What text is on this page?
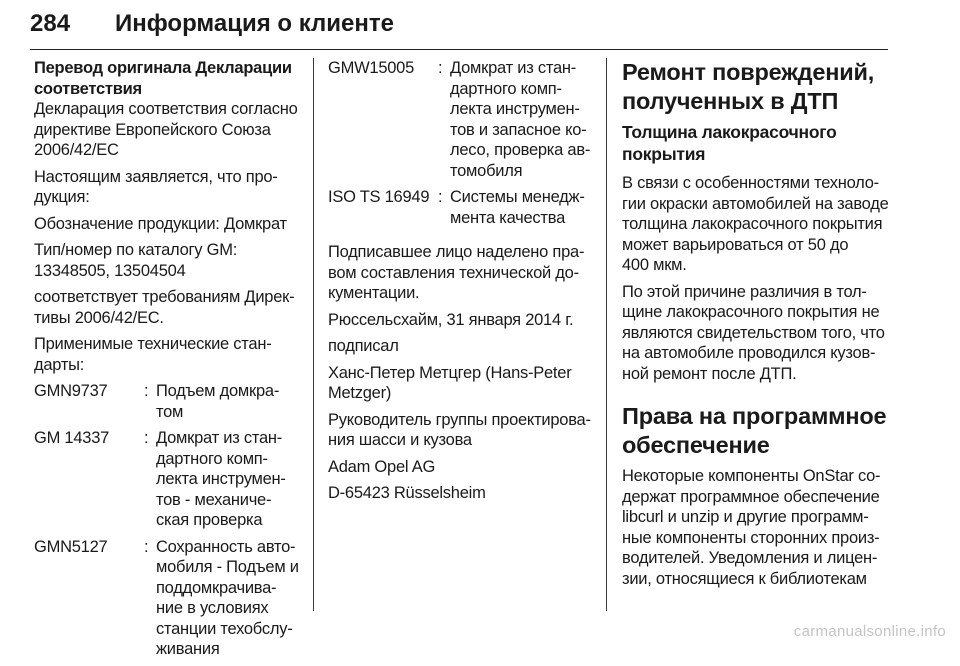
284 Информация о клиенте
Перевод оригинала Декларации
соответствия
Декларация соответствия согласно
директиве Европейского Союза
2006/42/EC
Настоящим заявляется, что про-
дукция:
Обозначение продукции: Домкрат
Тип/номер по каталогу GM:
13348505, 13504504
соответствует требованиям Дирек-
тивы 2006/42/EC.
Применимые технические стан-
дарты:
GMN9737	: Подъем домкра-
том
GM 14337	: Домкрат из стан-
дартного комп-
лекта инструмен-
тов - механиче-
ская проверка
GMN5127	: Сохранность авто-
мобиля - Подъем и
поддомкрачива-
ние в условиях
станции техобслу-
живания
GMW15005	: Домкрат из стан-
дартного комп-
лекта инструмен-
тов и запасное ко-
лесо, проверка ав-
томобиля
ISO TS 16949 : Системы менедж-
мента качества
Подписавшее лицо наделено пра-
вом составления технической до-
кументации.
Рюссельсхайм, 31 января 2014 г.
подписал
Ханс-Петер Метцгер (Hans-Peter
Metzger)
Руководитель группы проектирова-
ния шасси и кузова
Adam Opel AG
D-65423 Rüsselsheim
Ремонт повреждений,
полученных в ДТП
Толщина лакокрасочного
покрытия
В связи с особенностями техноло-
гии окраски автомобилей на заводе
толщина лакокрасочного покрытия
может варьироваться от 50 до
400 мкм.
По этой причине различия в тол-
щине лакокрасочного покрытия не
являются свидетельством того, что
на автомобиле проводился кузов-
ной ремонт после ДТП.
Права на программное
обеспечение
Некоторые компоненты OnStar со-
держат программное обеспечение
libcurl и unzip и другие программ-
ные компоненты сторонних произ-
водителей. Уведомления и лицен-
зии, относящиеся к библиотекам
carmanualsonline.info
